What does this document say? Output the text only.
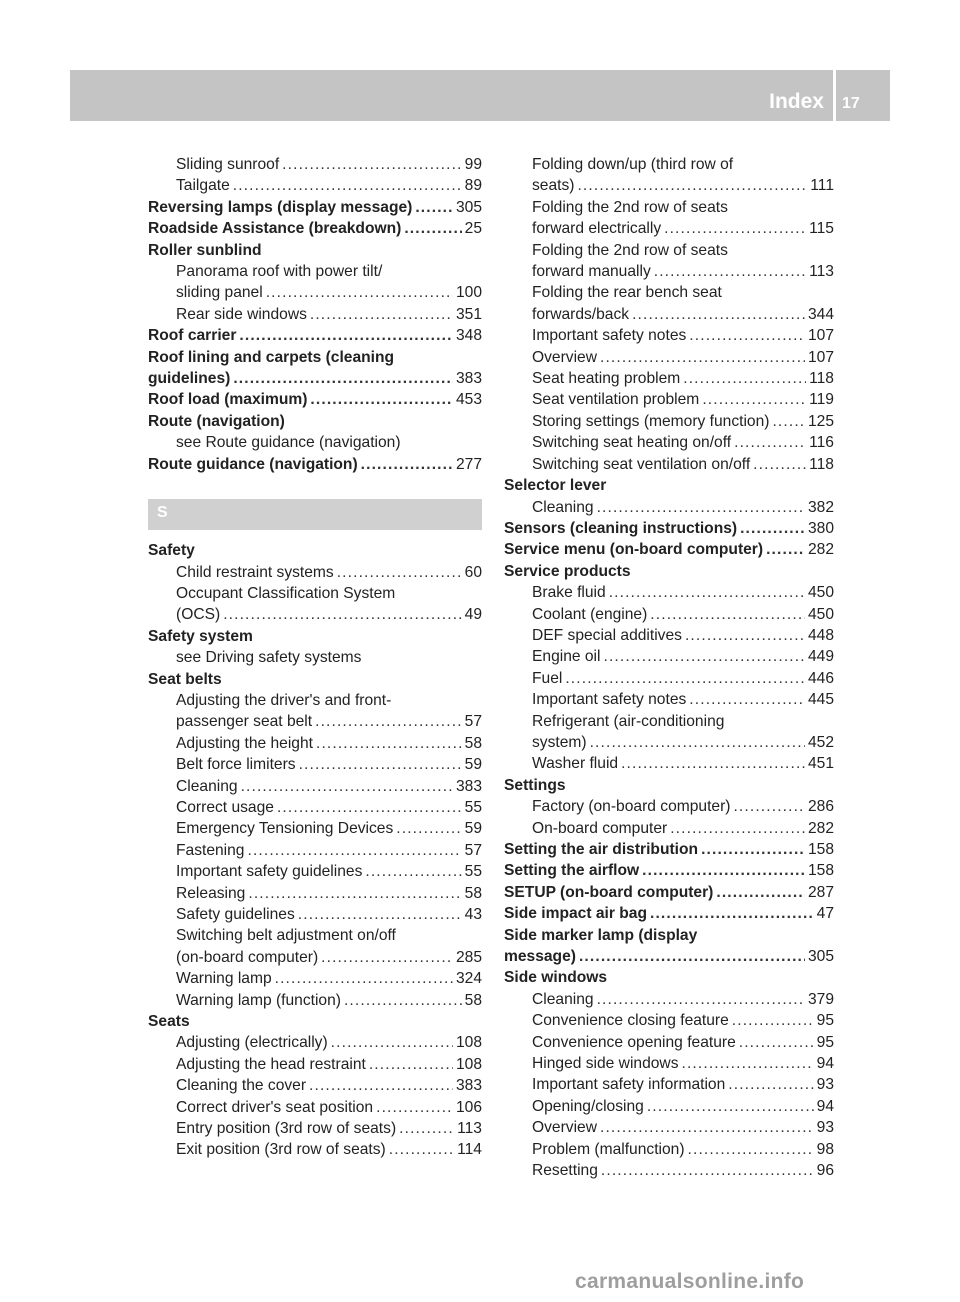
Index 17
Sliding sunroof . . .	99
Tailgate . . .	89
Reversing lamps (display message) . . .	305
Roadside Assistance (breakdown) . . .	25
Roller sunblind
Panorama roof with power tilt/
sliding panel . . .	100
Rear side windows . . .	351
Roof carrier . . .	348
Roof lining and carpets (cleaning
guidelines) . . .	383
Roof load (maximum) . . .	453
Route (navigation)
see Route guidance (navigation)
Route guidance (navigation) . . .	277
S
Safety
Child restraint systems . . .	60
Occupant Classification System
(OCS) . . .	49
Safety system
see Driving safety systems
Seat belts
Adjusting the driver's and front-
passenger seat belt . . .	57
Adjusting the height . . .	58
Belt force limiters . . .	59
Cleaning . . .	383
Correct usage . . .	55
Emergency Tensioning Devices . . .	59
Fastening . . .	57
Important safety guidelines . . .	55
Releasing . . .	58
Safety guidelines . . .	43
Switching belt adjustment on/off
(on-board computer) . . .	285
Warning lamp . . .	324
Warning lamp (function) . . .	58
Seats
Adjusting (electrically) . . .	108
Adjusting the head restraint . . .	108
Cleaning the cover . . .	383
Correct driver's seat position . . .	106
Entry position (3rd row of seats) . . .	113
Exit position (3rd row of seats) . . .	114
Folding down/up (third row of
seats) . . .	111
Folding the 2nd row of seats
forward electrically . . .	115
Folding the 2nd row of seats
forward manually . . .	113
Folding the rear bench seat
forwards/back . . .	344
Important safety notes . . .	107
Overview . . .	107
Seat heating problem . . .	118
Seat ventilation problem . . .	119
Storing settings (memory function) . . . 125
Switching seat heating on/off . . .	116
Switching seat ventilation on/off . . .	118
Selector lever
Cleaning . . .	382
Sensors (cleaning instructions) . . .	380
Service menu (on-board computer) . . .	282
Service products
Brake fluid . . .	450
Coolant (engine) . . .	450
DEF special additives . . .	448
Engine oil . . .	449
Fuel . . .	446
Important safety notes . . .	445
Refrigerant (air-conditioning
system) . . .	452
Washer fluid . . .	451
Settings
Factory (on-board computer) . . .	286
On-board computer . . .	282
Setting the air distribution . . .	158
Setting the airflow . . .	158
SETUP (on-board computer) . . .	287
Side impact air bag . . .	47
Side marker lamp (display
message) . . .	305
Side windows
Cleaning . . .	379
Convenience closing feature . . .	95
Convenience opening feature . . .	95
Hinged side windows . . .	94
Important safety information . . .	93
Opening/closing . . .	94
Overview . . .	93
Problem (malfunction) . . .	98
Resetting . . .	96
carmanualsonline.info
